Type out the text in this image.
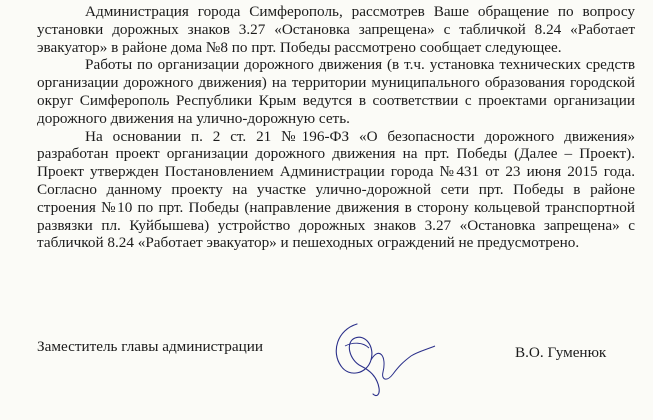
Администрация города Симферополь, рассмотрев Ваше обращение по вопросу установки дорожных знаков 3.27 «Остановка запрещена» с табличкой 8.24 «Работает эвакуатор» в районе дома №8 по прт. Победы рассмотрено сообщает следующее.

Работы по организации дорожного движения (в т.ч. установка технических средств организации дорожного движения) на территории муниципального образования городской округ Симферополь Республики Крым ведутся в соответствии с проектами организации дорожного движения на улично-дорожную сеть.

На основании п. 2 ст. 21 №196-ФЗ «О безопасности дорожного движения» разработан проект организации дорожного движения на прт. Победы (Далее – Проект). Проект утвержден Постановлением Администрации города №431 от 23 июня 2015 года. Согласно данному проекту на участке улично-дорожной сети прт. Победы в районе строения №10 по прт. Победы (направление движения в сторону кольцевой транспортной развязки пл. Куйбышева) устройство дорожных знаков 3.27 «Остановка запрещена» с табличкой 8.24 «Работает эвакуатор» и пешеходных ограждений не предусмотрено.

Заместитель главы администрации	В.О. Гуменюк
